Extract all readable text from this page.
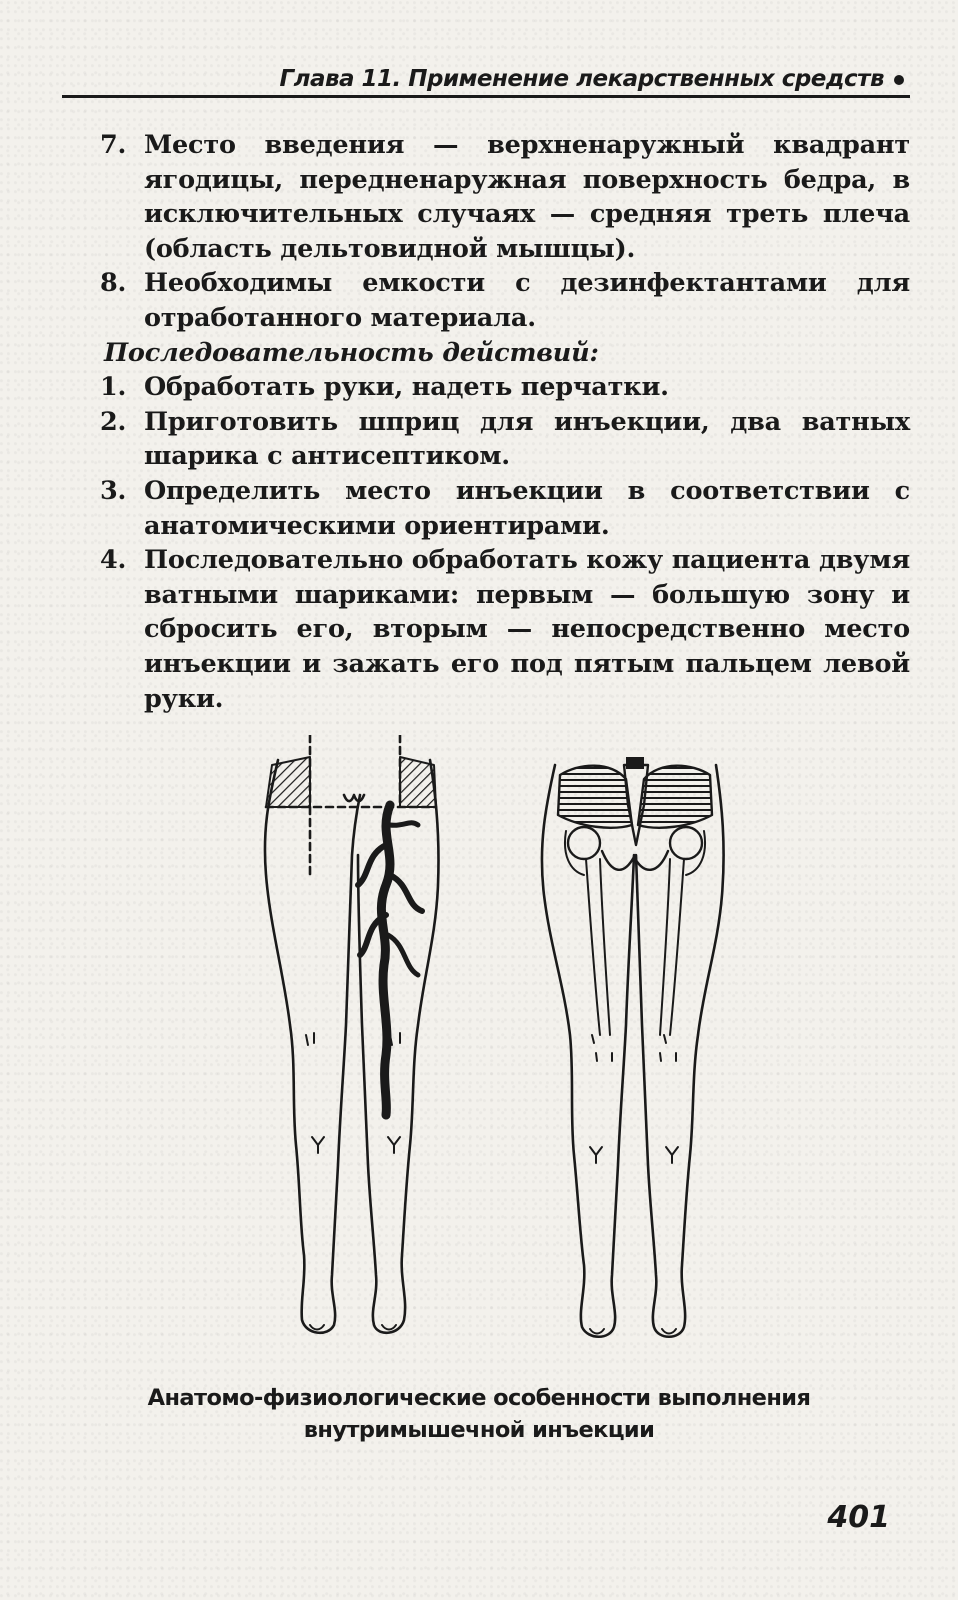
Глава 11. Применение лекарственных средств
7. Место введения — верхненаружный квадрант ягодицы, передненаружная поверхность бедра, в исключительных случаях — средняя треть плеча (область дельтовидной мышцы).
8. Необходимы емкости с дезинфектантами для отработанного материала.

Последовательность действий:

1. Обработать руки, надеть перчатки.
2. Приготовить шприц для инъекции, два ватных шарика с антисептиком.
3. Определить место инъекции в соответствии с анатомическими ориентирами.
4. Последовательно обработать кожу пациента двумя ватными шариками: первым — большую зону и сбросить его, вторым — непосредственно место инъекции и зажать его под пятым пальцем левой руки.
Анатомо-физиологические особенности выполнения
внутримышечной инъекции
401
